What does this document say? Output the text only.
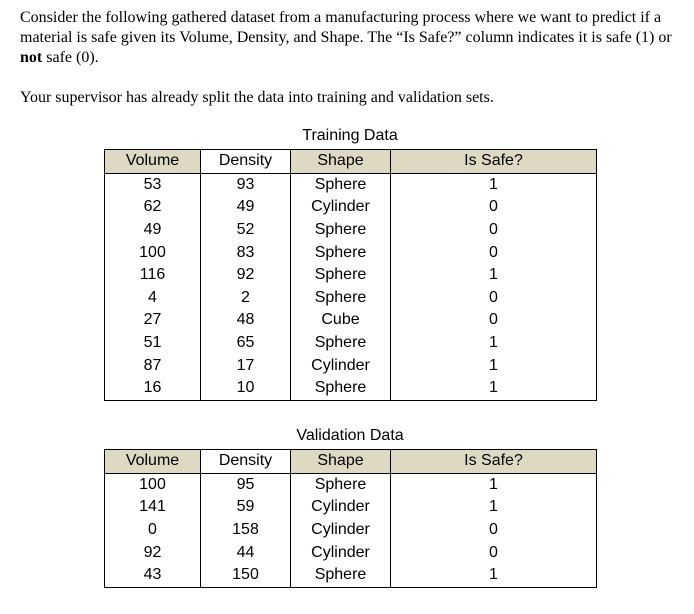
Consider the following gathered dataset from a manufacturing process where we want to predict if a material is safe given its Volume, Density, and Shape. The “Is Safe?” column indicates it is safe (1) or not safe (0).
Your supervisor has already split the data into training and validation sets.
Training Data
Volume	Density	Shape	Is Safe?
53	93	Sphere	1
62	49	Cylinder	0
49	52	Sphere	0
100	83	Sphere	0
116	92	Sphere	1
4	2	Sphere	0
27	48	Cube	0
51	65	Sphere	1
87	17	Cylinder	1
16	10	Sphere	1
Validation Data
Volume	Density	Shape	Is Safe?
100	95	Sphere	1
141	59	Cylinder	1
0	158	Cylinder	0
92	44	Cylinder	0
43	150	Sphere	1
